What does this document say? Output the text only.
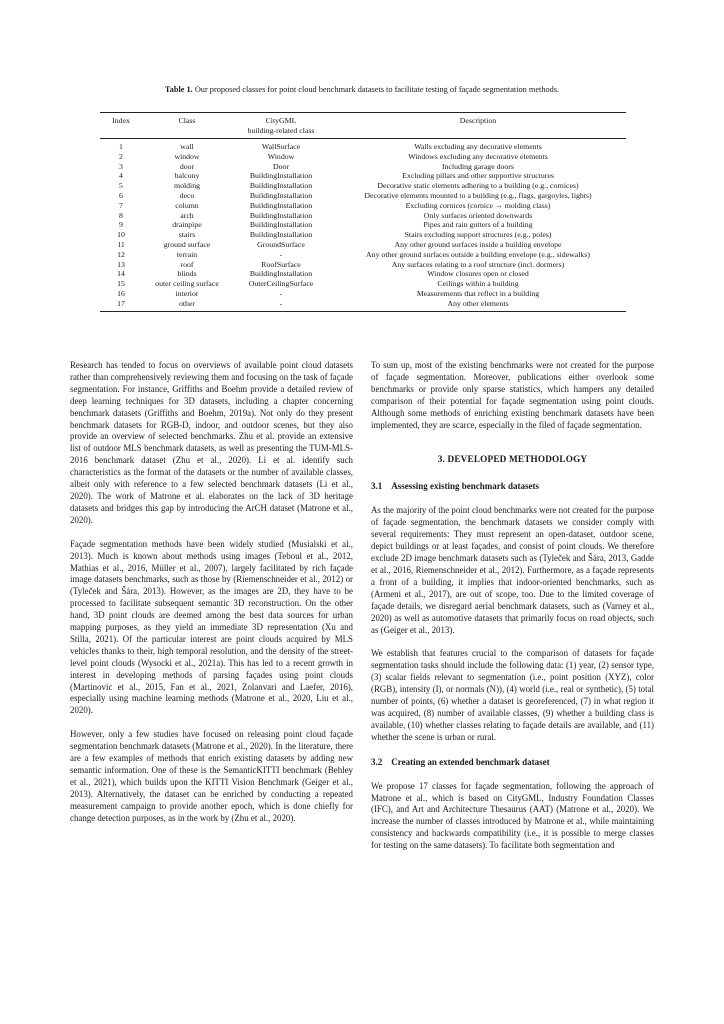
Table 1. Our proposed classes for point cloud benchmark datasets to facilitate testing of façade segmentation methods.
Index	Class	CityGML	Description
		building-related class	
1	wall	WallSurface	Walls excluding any decorative elements
2	window	Window	Windows excluding any decorative elements
3	door	Door	Including garage doors
4	balcony	BuildingInstallation	Excluding pillars and other supportive structures
5	molding	BuildingInstallation	Decorative static elements adhering to a building (e.g., cornices)
6	deco	BuildingInstallation	Decorative elements mounted to a building (e.g., flags, gargoyles, lights)
7	column	BuildingInstallation	Excluding cornices (cornice → molding class)
8	arch	BuildingInstallation	Only surfaces oriented downwards
9	drainpipe	BuildingInstallation	Pipes and rain gutters of a building
10	stairs	BuildingInstallation	Stairs excluding support structures (e.g., poles)
11	ground surface	GroundSurface	Any other ground surfaces inside a building envelope
12	terrain	-	Any other ground surfaces outside a building envelope (e.g., sidewalks)
13	roof	RoofSurface	Any surfaces relating to a roof structure (incl. dormers)
14	blinds	BuildingInstallation	Window closures open or closed
15	outer ceiling surface	OuterCeilingSurface	Ceilings within a building
16	interior	-	Measurements that reflect in a building
17	other	-	Any other elements

Research has tended to focus on overviews of available point cloud datasets rather than comprehensively reviewing them and focusing on the task of façade segmentation. For instance, Griffiths and Boehm provide a detailed review of deep learning techniques for 3D datasets, including a chapter concerning benchmark datasets (Griffiths and Boehm, 2019a). Not only do they present benchmark datasets for RGB-D, indoor, and outdoor scenes, but they also provide an overview of selected benchmarks. Zhu et al. provide an extensive list of outdoor MLS benchmark datasets, as well as presenting the TUM-MLS-2016 benchmark dataset (Zhu et al., 2020). Li et al. identify such characteristics as the format of the datasets or the number of available classes, albeit only with reference to a few selected benchmark datasets (Li et al., 2020). The work of Matrone et al. elaborates on the lack of 3D heritage datasets and bridges this gap by introducing the ArCH dataset (Matrone et al., 2020).

Façade segmentation methods have been widely studied (Musialski et al., 2013). Much is known about methods using images (Teboul et al., 2012, Mathias et al., 2016, Müller et al., 2007), largely facilitated by rich façade image datasets benchmarks, such as those by (Riemenschneider et al., 2012) or (Tyleček and Šára, 2013). However, as the images are 2D, they have to be processed to facilitate subsequent semantic 3D reconstruction. On the other hand, 3D point clouds are deemed among the best data sources for urban mapping purposes, as they yield an immediate 3D representation (Xu and Stilla, 2021). Of the particular interest are point clouds acquired by MLS vehicles thanks to their, high temporal resolution, and the density of the street-level point clouds (Wysocki et al., 2021a). This has led to a recent growth in interest in developing methods of parsing façades using point clouds (Martinovic et al., 2015, Fan et al., 2021, Zolanvari and Laefer, 2016), especially using machine learning methods (Matrone et al., 2020, Liu et al., 2020).

However, only a few studies have focused on releasing point cloud façade segmentation benchmark datasets (Matrone et al., 2020). In the literature, there are a few examples of methods that enrich existing datasets by adding new semantic information. One of these is the SemanticKITTI benchmark (Behley et al., 2021), which builds upon the KITTI Vision Benchmark (Geiger et al., 2013). Alternatively, the dataset can be enriched by conducting a repeated measurement campaign to provide another epoch, which is done chiefly for change detection purposes, as in the work by (Zhu et al., 2020).

To sum up, most of the existing benchmarks were not created for the purpose of façade segmentation. Moreover, publications either overlook some benchmarks or provide only sparse statistics, which hampers any detailed comparison of their potential for façade segmentation using point clouds. Although some methods of enriching existing benchmark datasets have been implemented, they are scarce, especially in the filed of façade segmentation.

3. DEVELOPED METHODOLOGY
3.1 Assessing existing benchmark datasets

As the majority of the point cloud benchmarks were not created for the purpose of façade segmentation, the benchmark datasets we consider comply with several requirements: They must represent an open-dataset, outdoor scene, depict buildings or at least façades, and consist of point clouds. We therefore exclude 2D image benchmark datasets such as (Tyleček and Šára, 2013, Gadde et al., 2016, Riemenschneider et al., 2012). Furthermore, as a façade represents a front of a building, it implies that indoor-oriented benchmarks, such as (Armeni et al., 2017), are out of scope, too. Due to the limited coverage of façade details, we disregard aerial benchmark datasets, such as (Varney et al., 2020) as well as automotive datasets that primarily focus on road objects, such as (Geiger et al., 2013).

We establish that features crucial to the comparison of datasets for façade segmentation tasks should include the following data: (1) year, (2) sensor type, (3) scalar fields relevant to segmentation (i.e., point position (XYZ), color (RGB), intensity (I), or normals (N)), (4) world (i.e., real or synthetic), (5) total number of points, (6) whether a dataset is georeferenced, (7) in what region it was acquired, (8) number of available classes, (9) whether a building class is available, (10) whether classes relating to façade details are available, and (11) whether the scene is urban or rural.

3.2 Creating an extended benchmark dataset

We propose 17 classes for façade segmentation, following the approach of Matrone et al., which is based on CityGML, Industry Foundation Classes (IFC), and Art and Architecture Thesaurus (AAT) (Matrone et al., 2020). We increase the number of classes introduced by Matrone et al., while maintaining consistency and backwards compatibility (i.e., it is possible to merge classes for testing on the same datasets). To facilitate both segmentation and
